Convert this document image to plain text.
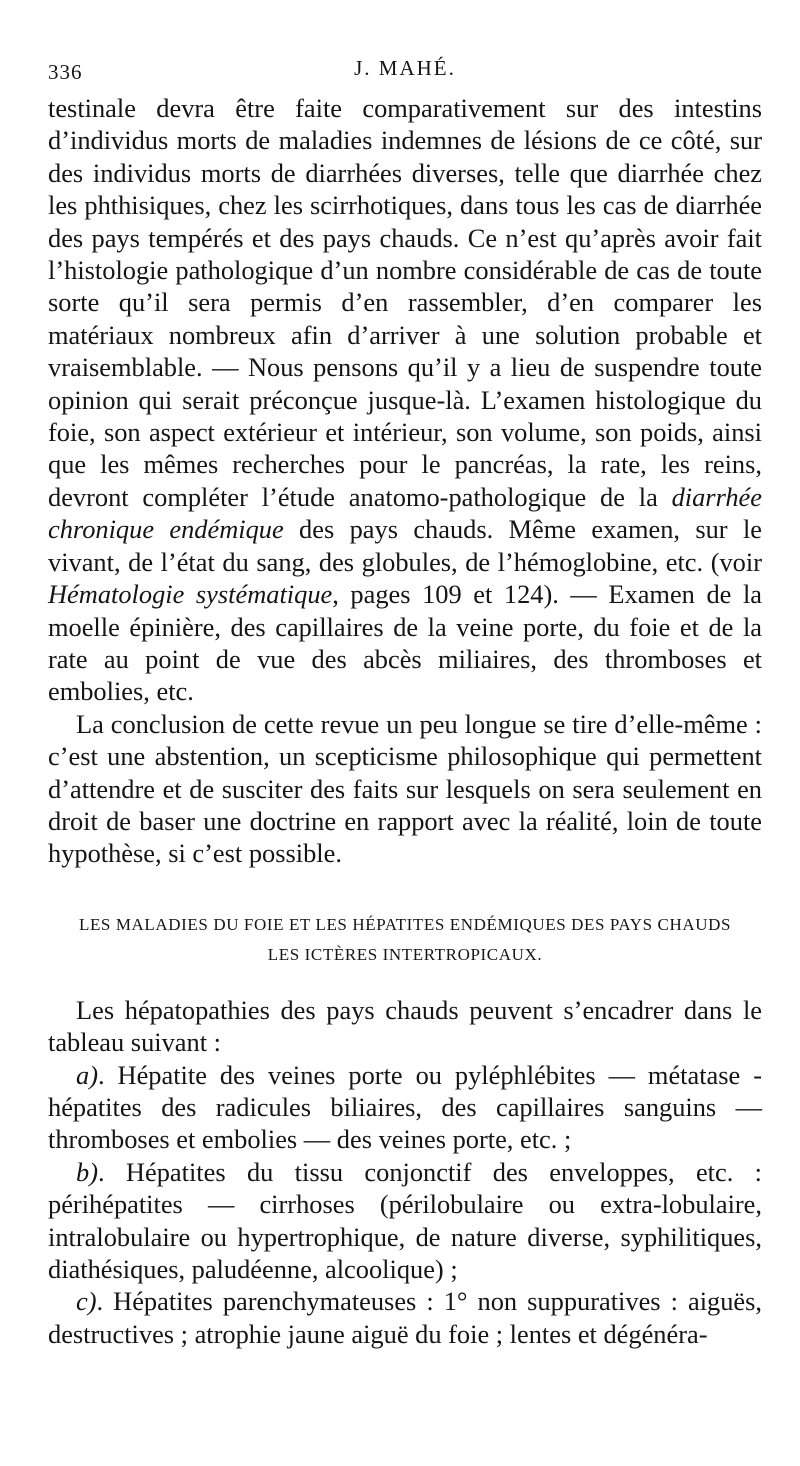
336	J. MAHÉ.

testinale devra être faite comparativement sur des intestins d’individus morts de maladies indemnes de lésions de ce côté, sur des individus morts de diarrhées diverses, telle que diarrhée chez les phthisiques, chez les scirrhotiques, dans tous les cas de diarrhée des pays tempérés et des pays chauds. Ce n’est qu’après avoir fait l’histologie pathologique d’un nombre considérable de cas de toute sorte qu’il sera permis d’en rassembler, d’en comparer les matériaux nombreux afin d’arriver à une solution probable et vraisemblable. — Nous pensons qu’il y a lieu de suspendre toute opinion qui serait préconçue jusque-là. L’examen histologique du foie, son aspect extérieur et intérieur, son volume, son poids, ainsi que les mêmes recherches pour le pancréas, la rate, les reins, devront compléter l’étude anatomo-pathologique de la diarrhée chronique endémique des pays chauds. Même examen, sur le vivant, de l’état du sang, des globules, de l’hémoglobine, etc. (voir Hématologie systématique, pages 109 et 124). — Examen de la moelle épinière, des capillaires de la veine porte, du foie et de la rate au point de vue des abcès miliaires, des thromboses et embolies, etc.

La conclusion de cette revue un peu longue se tire d’elle-même : c’est une abstention, un scepticisme philosophique qui permettent d’attendre et de susciter des faits sur lesquels on sera seulement en droit de baser une doctrine en rapport avec la réalité, loin de toute hypothèse, si c’est possible.

LES MALADIES DU FOIE ET LES HÉPATITES ENDÉMIQUES DES PAYS CHAUDS
LES ICTÈRES INTERTROPICAUX.

Les hépatopathies des pays chauds peuvent s’encadrer dans le tableau suivant :

a). Hépatite des veines porte ou pyléphlébites — métatase - hépatites des radicules biliaires, des capillaires sanguins — thromboses et embolies — des veines porte, etc. ;

b). Hépatites du tissu conjonctif des enveloppes, etc. : périhépatites — cirrhoses (périlobulaire ou extra-lobulaire, intralobulaire ou hypertrophique, de nature diverse, syphilitiques, diathésiques, paludéenne, alcoolique) ;

c). Hépatites parenchymateuses : 1° non suppuratives : aiguës, destructives ; atrophie jaune aiguë du foie ; lentes et dégénéra-
